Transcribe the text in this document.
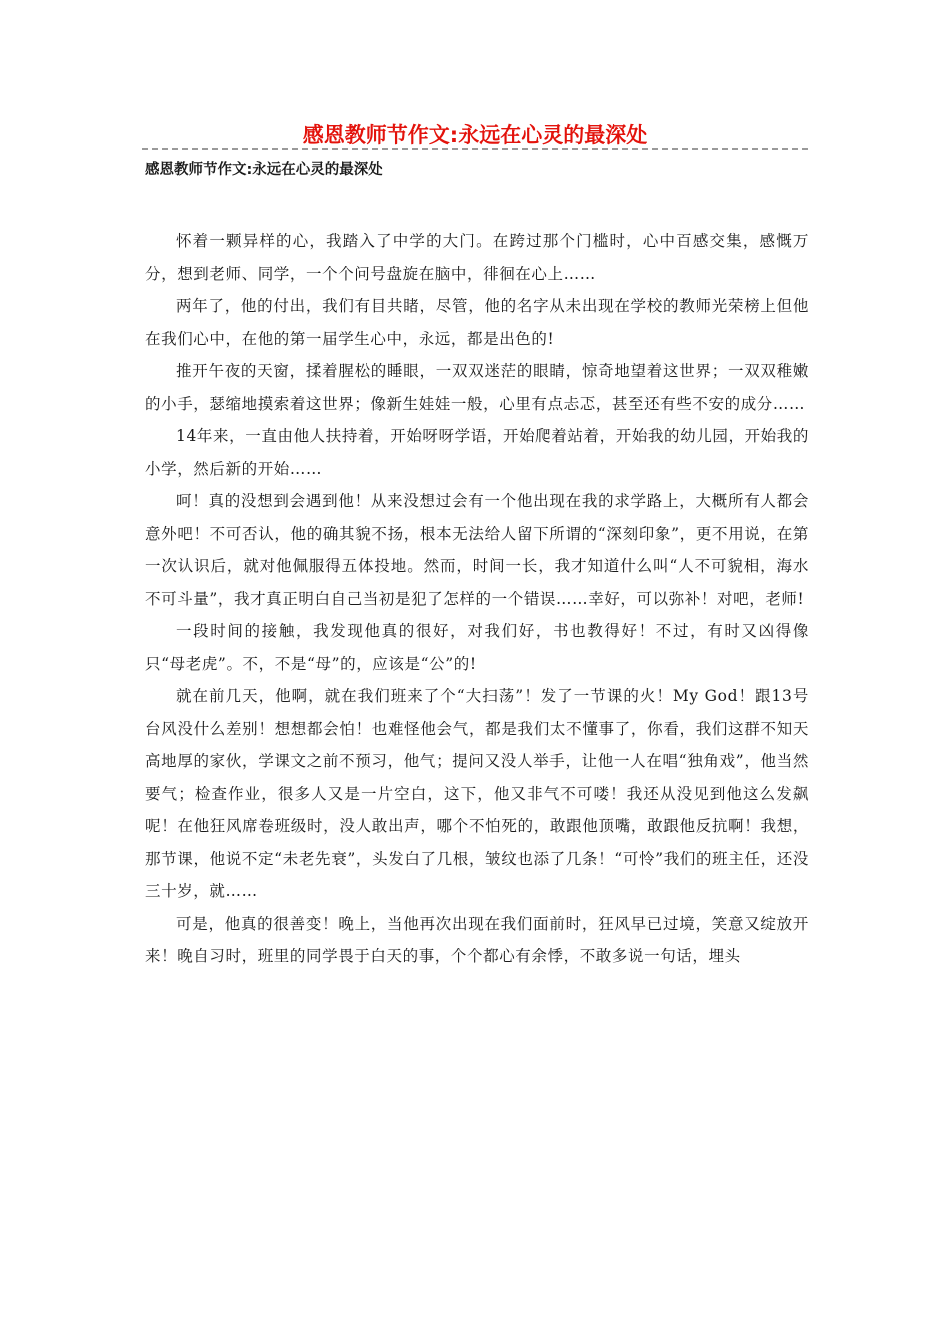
感恩教师节作文:永远在心灵的最深处
感恩教师节作文:永远在心灵的最深处

怀着一颗异样的心，我踏入了中学的大门。在跨过那个门槛时，心中百感交集，感慨万分，想到老师、同学，一个个问号盘旋在脑中，徘徊在心上……

两年了，他的付出，我们有目共睹，尽管，他的名字从未出现在学校的教师光荣榜上但他在我们心中，在他的第一届学生心中，永远，都是出色的!

推开午夜的天窗，揉着腥松的睡眼，一双双迷茫的眼睛，惊奇地望着这世界；一双双稚嫩的小手，瑟缩地摸索着这世界；像新生娃娃一般，心里有点忐忑，甚至还有些不安的成分……

14年来，一直由他人扶持着，开始呀呀学语，开始爬着站着，开始我的幼儿园，开始我的小学，然后新的开始……

呵！真的没想到会遇到他！从来没想过会有一个他出现在我的求学路上，大概所有人都会意外吧！不可否认，他的确其貌不扬，根本无法给人留下所谓的“深刻印象”，更不用说，在第一次认识后，就对他佩服得五体投地。然而，时间一长，我才知道什么叫“人不可貌相，海水不可斗量”，我才真正明白自己当初是犯了怎样的一个错误……幸好，可以弥补！对吧，老师!

一段时间的接触，我发现他真的很好，对我们好，书也教得好！不过，有时又凶得像只“母老虎”。不，不是“母”的，应该是“公”的!

就在前几天，他啊，就在我们班来了个“大扫荡”！发了一节课的火！My God！跟13号台风没什么差别！想想都会怕！也难怪他会气，都是我们太不懂事了，你看，我们这群不知天高地厚的家伙，学课文之前不预习，他气；提问又没人举手，让他一人在唱“独角戏”，他当然要气；检查作业，很多人又是一片空白，这下，他又非气不可喽！我还从没见到他这么发飙呢！在他狂风席卷班级时，没人敢出声，哪个不怕死的，敢跟他顶嘴，敢跟他反抗啊！我想，那节课，他说不定“未老先衰”，头发白了几根，皱纹也添了几条！“可怜”我们的班主任，还没三十岁，就……

可是，他真的很善变！晚上，当他再次出现在我们面前时，狂风早已过境，笑意又绽放开来！晚自习时，班里的同学畏于白天的事，个个都心有余悸，不敢多说一句话，埋头
